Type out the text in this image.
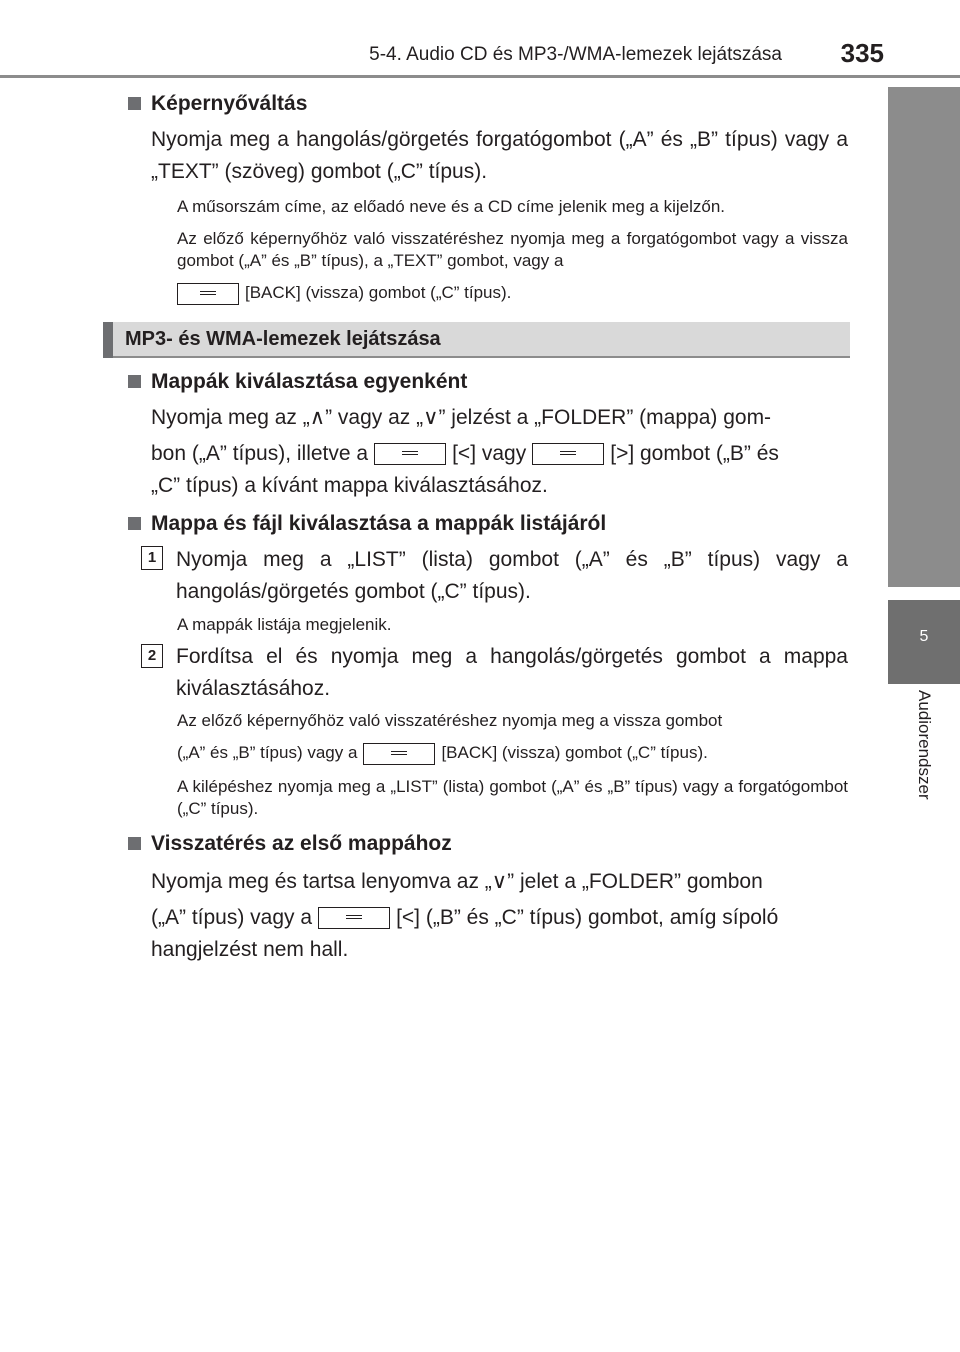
5-4. Audio CD és MP3-/WMA-lemezek lejátszása 335
5
Audiorendszer
Képernyőváltás
Nyomja meg a hangolás/görgetés forgatógombot („A” és „B” típus) vagy a „TEXT” (szöveg) gombot („C” típus).
A műsorszám címe, az előadó neve és a CD címe jelenik meg a kijelzőn.
Az előző képernyőhöz való visszatéréshez nyomja meg a forgatógombot vagy a vissza gombot („A” és „B” típus), a „TEXT” gombot, vagy a
[BACK] (vissza) gombot („C” típus).
MP3- és WMA-lemezek lejátszása
Mappák kiválasztása egyenként
Nyomja meg az „∧” vagy az „∨” jelzést a „FOLDER” (mappa) gom-
bon („A” típus), illetve a	[<] vagy	[>] gombot („B” és
„C” típus) a kívánt mappa kiválasztásához.
Mappa és fájl kiválasztása a mappák listájáról
1 Nyomja meg a „LIST” (lista) gombot („A” és „B” típus) vagy a hangolás/görgetés gombot („C” típus).
A mappák listája megjelenik.
2 Fordítsa el és nyomja meg a hangolás/görgetés gombot a mappa kiválasztásához.
Az előző képernyőhöz való visszatéréshez nyomja meg a vissza gombot
(„A” és „B” típus) vagy a	[BACK] (vissza) gombot („C” típus).
A kilépéshez nyomja meg a „LIST” (lista) gombot („A” és „B” típus) vagy a forgatógombot („C” típus).
Visszatérés az első mappához
Nyomja meg és tartsa lenyomva az „∨” jelet a „FOLDER” gombon
(„A” típus) vagy a	[<] („B” és „C” típus) gombot, amíg sípoló
hangjelzést nem hall.
